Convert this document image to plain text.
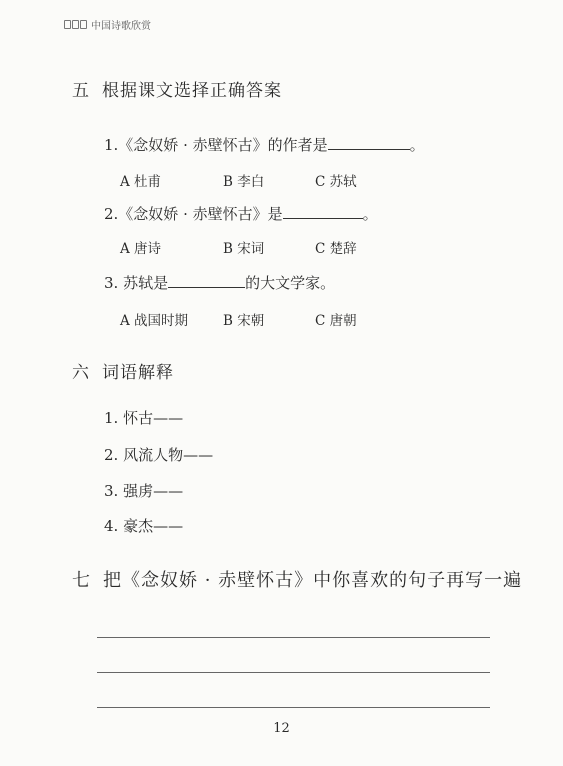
中国诗歌欣赏
五 根据课文选择正确答案
1.《念奴娇 · 赤壁怀古》的作者是	。
A 杜甫	B 李白	C 苏轼
2.《念奴娇 · 赤壁怀古》是	。
A 唐诗	B 宋词	C 楚辞
3. 苏轼是	的大文学家。
A 战国时期	B 宋朝	C 唐朝
六 词语解释
1. 怀古——
2. 风流人物——
3. 强虏——
4. 豪杰——
七 把《念奴娇 · 赤壁怀古》中你喜欢的句子再写一遍
12
